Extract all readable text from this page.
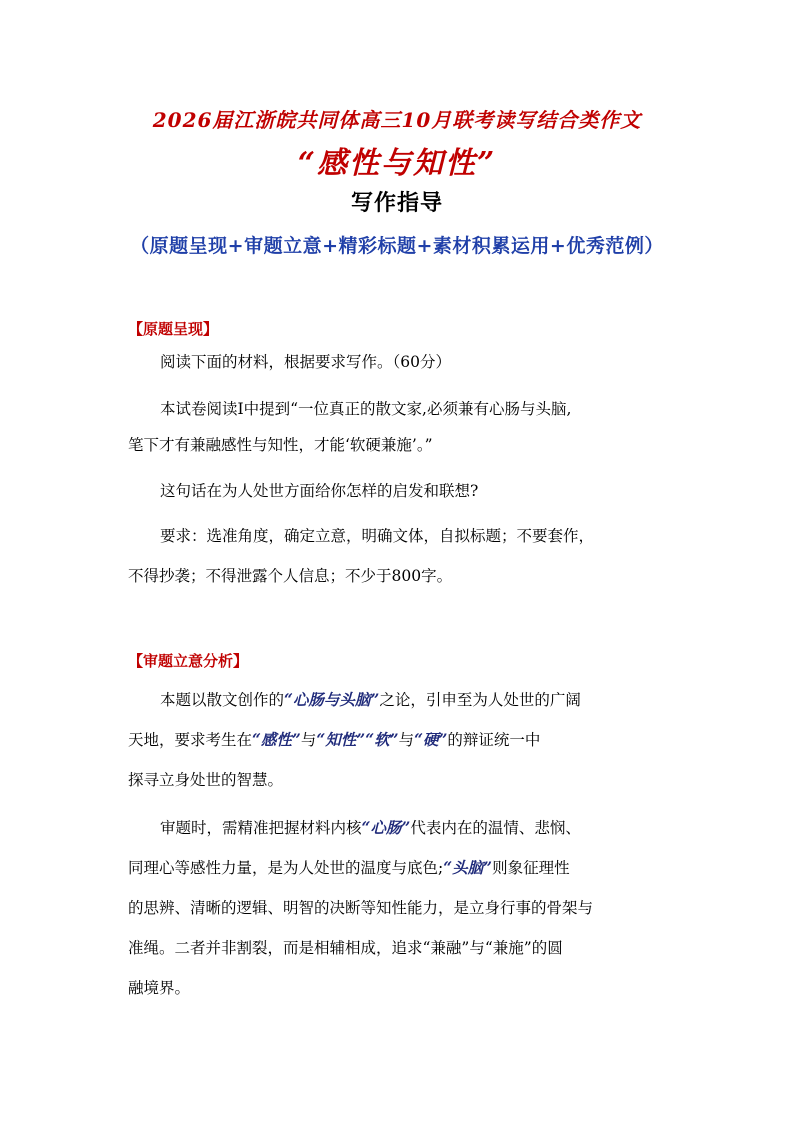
2026届江浙皖共同体高三10月联考读写结合类作文
“感性与知性”
写作指导
（原题呈现+审题立意+精彩标题+素材积累运用+优秀范例）
【原题呈现】
阅读下面的材料，根据要求写作。（60分）
本试卷阅读Ⅰ中提到“一位真正的散文家,必须兼有心肠与头脑,
笔下才有兼融感性与知性，才能‘软硬兼施’。”
这句话在为人处世方面给你怎样的启发和联想?
要求：选准角度，确定立意，明确文体，自拟标题；不要套作，
不得抄袭；不得泄露个人信息；不少于800字。
【审题立意分析】
本题以散文创作的“心肠与头脑”之论，引申至为人处世的广阔
天地，要求考生在“感性”与“知性”“软”与“硬”的辩证统一中
探寻立身处世的智慧。
审题时，需精准把握材料内核“心肠”代表内在的温情、悲悯、
同理心等感性力量，是为人处世的温度与底色;“头脑”则象征理性
的思辨、清晰的逻辑、明智的决断等知性能力，是立身行事的骨架与
准绳。二者并非割裂，而是相辅相成，追求“兼融”与“兼施”的圆
融境界。
